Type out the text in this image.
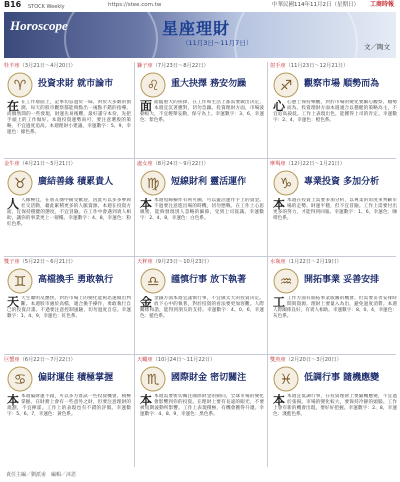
B16 STOCK Weekly	https://stee.com.tw	中華民國114年11月2日（星期日） 工商時報
Horoscope	星座理財
（11月3日～11月7日）	文／陶文
牡羊座（3月21日～4月20日）
♈ 投資求財 就市論市
在在工作層面上，記事切忌過於一昧，對於大多數的預測，每天的股市觀察都能夠點出一兩點不錯的指導。而偶然間的一些發現，財運先易後難，最好謹守本份，先把手頭上的工作做好。本週投資運勢尚可，要注意選股的策略，不宜過度追高。本週理財小建議，幸運數字：5、9，幸運色：綠色系。
金牛座（4月21日～5月21日）
♉ 廣結善緣 積累貴人
人人緣極佳，在朋友圈中備受歡迎，因此可以多多參與社交活動，藉此累積更多的人脈資源。本週在投資方面，宜保持穩健的態度，不宜冒險。在工作中會遇到貴人相助，讓你的事業更上一層樓。幸運數字：4、8，幸運色：粉紅色系。
雙子座（5月22日～6月21日）
♊ 高檔換手 勇敢執行
天天生聰明反應快，對於市場上的變化能夠迅速做出判斷。本週股市處於高檔，適合換手操作，勇敢執行自己的投資計畫。不過要注意控制風險，切勿過度自信。幸運數字：1、4、9，幸運色：紅色系。
巨蟹座（6月22日～7月22日）
♋ 偏財運佳 積極掌握
本本週偏財運不錯，可以多方嘗試一些投資機會，積極掌握。在財務上會有一些意外之財，但要注意理財的規劃，不宜揮霍。工作上的表現也有不錯的評價。幸運數字：5、6、7，幸運色：黃色系。
獅子座（7月23日～8月22日）
♌ 重大抉擇 務安勿躁
面面臨重大的抉擇，在工作和生活上都需要做出決定，本週宜沉著應對，切勿急躁。投資理財方面，市場波動較大，不宜輕舉妄動，保守為上。幸運數字：3、6，幸運色：紫色系。
處女座（8月24日～9月22日）
♍ 短線財利 靈活運作
本本週短線操作有利可圖，可以靈活運作手上的資金。不過要注意進出場的時機，切勿戀戰。在工作上心思縝密，能夠發現別人忽略的細節，受到上司賞識。幸運數字：2、4、8，幸運色：白色系。
天秤座（9月23日～10月23日）
♎ 謹慎行事 放下執著
金金錢方面本週宜謹慎行事，不宜做太大的投資決定。放下心中的執著，對於投資的看法要更加客觀。人際關係和諧，能得到朋友的支持。幸運數字：4、0、6，幸運色：藍色系。
天蠍座（10月24日～11月22日）
♏ 國際財金 密切關注
本本週需要密切關注國際財金的動向，全球市場的變化會影響到你的投資。在理財上要有長遠的眼光，不要被短期波動所影響。工作上表現積極，有機會獲得升遷。幸運數字：4、8、9，幸運色：黑色系。
射手座（11月23日～12月21日）
♐ 觀察市場 順勢而為
心心態上保持樂觀，對於市場的變化要細心觀察，順勢而為。投資理財方面本週適合以穩健的策略為主，不宜追高殺低。工作上表現出色，能獲得上司的肯定。幸運數字：2、4，幸運色：橙色系。
摩羯座（12月22日～1月21日）
♑ 專業投資 多加分析
本本週在投資上需要多加分析，以專業的角度來判斷市場的走勢。財運平穩，但不宜冒險。工作上需要付出更多的努力，才能得到回報。幸運數字：1、6，幸運色：咖啡色系。
水瓶座（1月22日～2月19日）
♒ 開拓事業 妥善安排
工工作方面有開拓事業版圖的機會，但需要妥善安排時間與資源。理財上要量入為出，避免過度消費。本週人際關係良好，有貴人相助。幸運數字：8、0、4，幸運色：灰色系。
雙魚座（2月20日～3月20日）
♓ 低調行事 隨機應變
本本週宜低調行事，在投資理財上要隨機應變，不宜過於張揚。市場的變化較大，要保持冷靜的頭腦。工作上會有新的機會出現，要好好把握。幸運數字：2、8，幸運色：淺藍色系。
責任主編／劉派甫　編輯／沐恩
